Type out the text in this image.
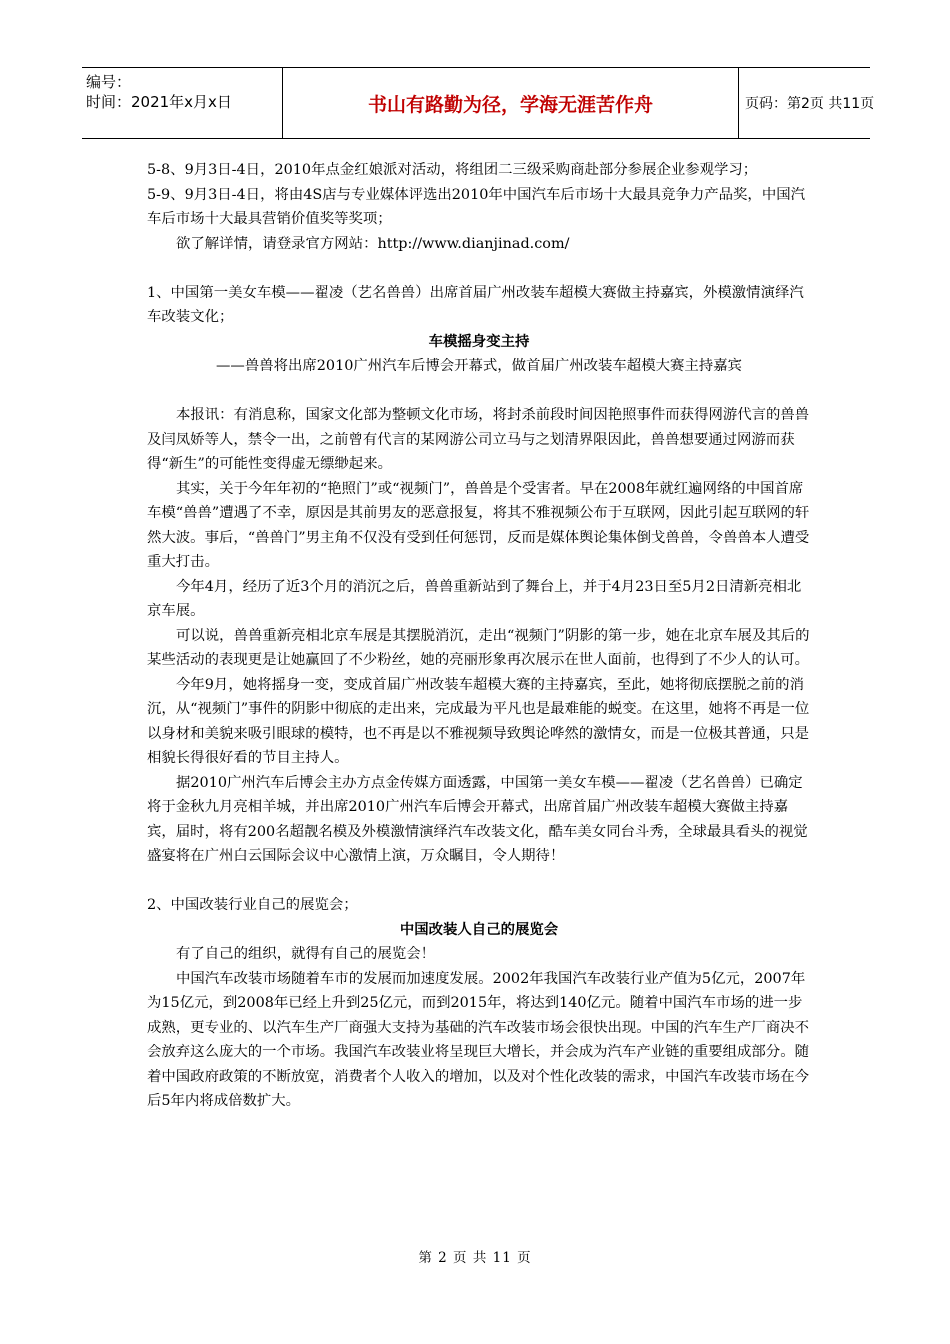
编号：
时间：2021年x月x日	书山有路勤为径，学海无涯苦作舟	页码：第2页 共11页

5-8、9月3日-4日，2010年点金红娘派对活动，将组团二三级采购商赴部分参展企业参观学习；

5-9、9月3日-4日，将由4S店与专业媒体评选出2010年中国汽车后市场十大最具竞争力产品奖，中国汽车后市场十大最具营销价值奖等奖项；

欲了解详情，请登录官方网站：http://www.dianjinad.com/

1、中国第一美女车模——翟凌（艺名兽兽）出席首届广州改装车超模大赛做主持嘉宾，外模激情演绎汽车改装文化；

车模摇身变主持

——兽兽将出席2010广州汽车后博会开幕式，做首届广州改装车超模大赛主持嘉宾

本报讯：有消息称，国家文化部为整顿文化市场，将封杀前段时间因艳照事件而获得网游代言的兽兽及闫凤娇等人，禁令一出，之前曾有代言的某网游公司立马与之划清界限因此，兽兽想要通过网游而获得“新生”的可能性变得虚无缥缈起来。

其实，关于今年年初的“艳照门”或“视频门”，兽兽是个受害者。早在2008年就红遍网络的中国首席车模“兽兽”遭遇了不幸，原因是其前男友的恶意报复，将其不雅视频公布于互联网，因此引起互联网的轩然大波。事后，“兽兽门”男主角不仅没有受到任何惩罚，反而是媒体舆论集体倒戈兽兽，令兽兽本人遭受重大打击。

今年4月，经历了近3个月的消沉之后，兽兽重新站到了舞台上，并于4月23日至5月2日清新亮相北京车展。

可以说，兽兽重新亮相北京车展是其摆脱消沉，走出“视频门”阴影的第一步，她在北京车展及其后的某些活动的表现更是让她赢回了不少粉丝，她的亮丽形象再次展示在世人面前，也得到了不少人的认可。

今年9月，她将摇身一变，变成首届广州改装车超模大赛的主持嘉宾，至此，她将彻底摆脱之前的消沉，从“视频门”事件的阴影中彻底的走出来，完成最为平凡也是最难能的蜕变。在这里，她将不再是一位以身材和美貌来吸引眼球的模特，也不再是以不雅视频导致舆论哗然的激情女，而是一位极其普通，只是相貌长得很好看的节目主持人。

据2010广州汽车后博会主办方点金传媒方面透露，中国第一美女车模——翟凌（艺名兽兽）已确定将于金秋九月亮相羊城，并出席2010广州汽车后博会开幕式，出席首届广州改装车超模大赛做主持嘉宾，届时，将有200名超靓名模及外模激情演绎汽车改装文化，酷车美女同台斗秀，全球最具看头的视觉盛宴将在广州白云国际会议中心激情上演，万众瞩目，令人期待！

2、中国改装行业自己的展览会；

中国改装人自己的展览会

有了自己的组织，就得有自己的展览会！

中国汽车改装市场随着车市的发展而加速度发展。2002年我国汽车改装行业产值为5亿元，2007年为15亿元，到2008年已经上升到25亿元，而到2015年，将达到140亿元。随着中国汽车市场的进一步成熟，更专业的、以汽车生产厂商强大支持为基础的汽车改装市场会很快出现。中国的汽车生产厂商决不会放弃这么庞大的一个市场。我国汽车改装业将呈现巨大增长，并会成为汽车产业链的重要组成部分。随着中国政府政策的不断放宽，消费者个人收入的增加，以及对个性化改装的需求，中国汽车改装市场在今后5年内将成倍数扩大。

第 2 页 共 11 页
